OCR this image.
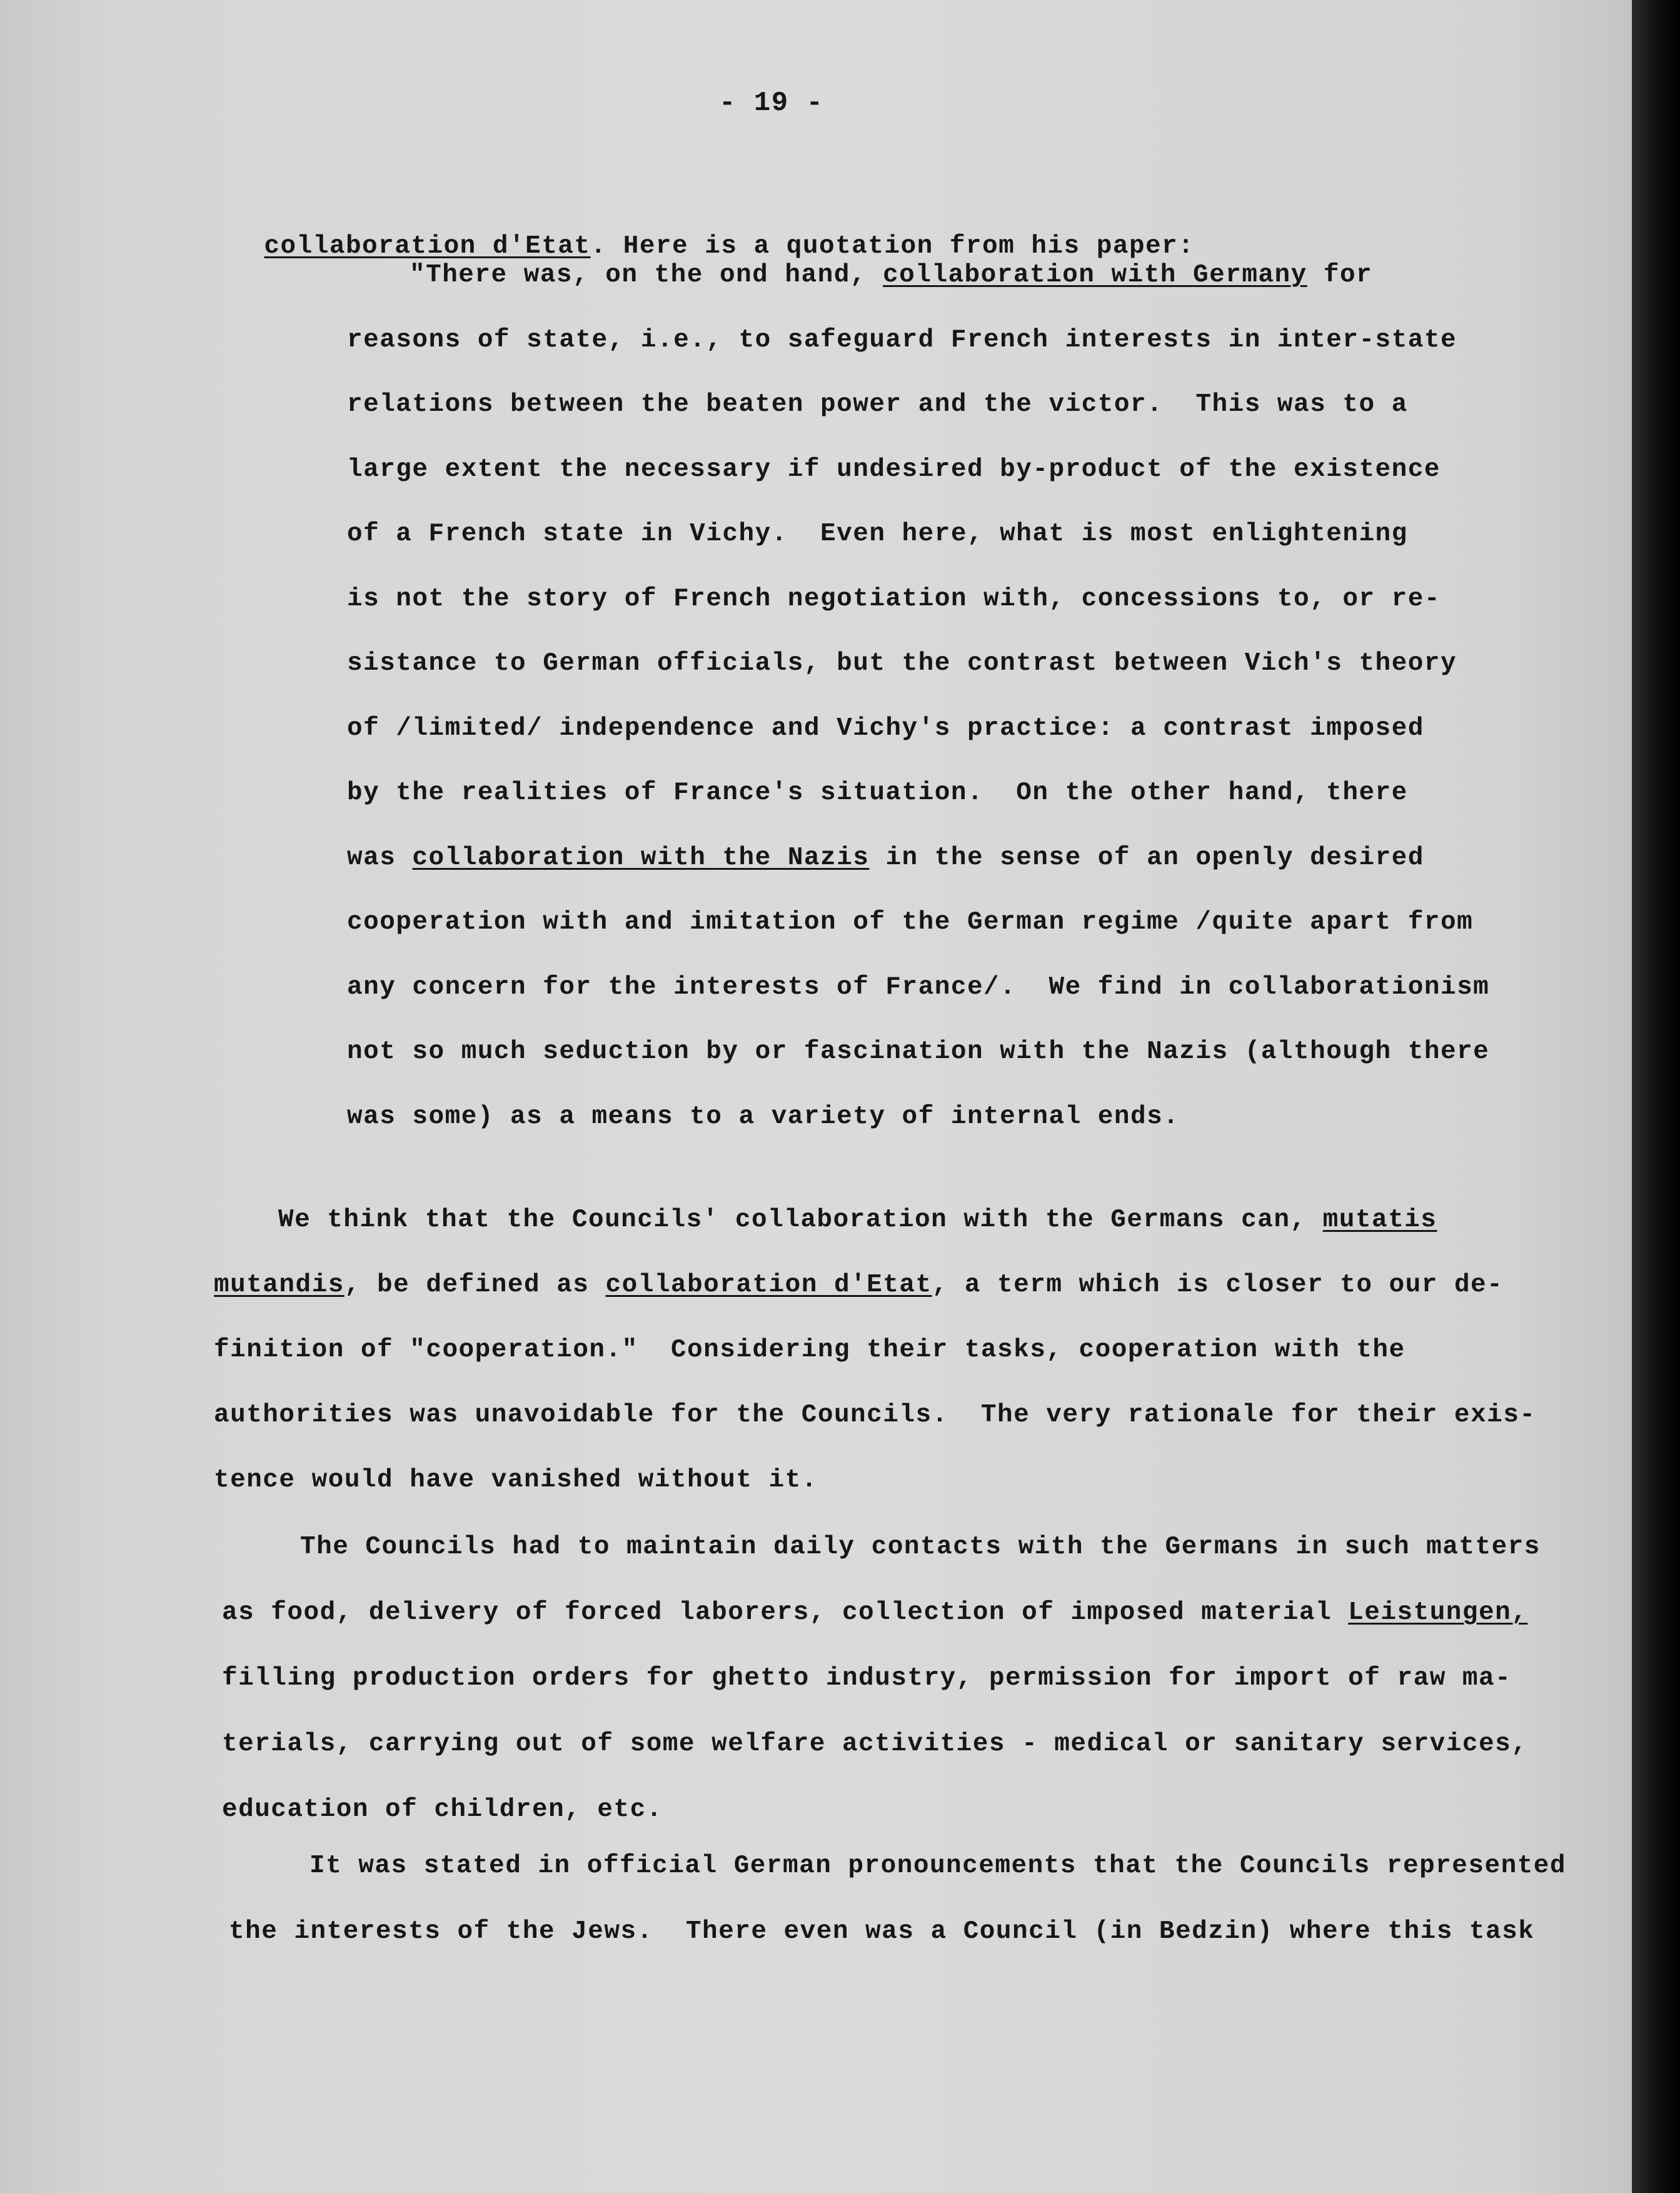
- 19 -

collaboration d'Etat. Here is a quotation from his paper:

"There was, on the ond hand, collaboration with Germany for
reasons of state, i.e., to safeguard French interests in inter-state
relations between the beaten power and the victor.  This was to a
large extent the necessary if undesired by-product of the existence
of a French state in Vichy.  Even here, what is most enlightening
is not the story of French negotiation with, concessions to, or re-
sistance to German officials, but the contrast between Vich's theory
of /limited/ independence and Vichy's practice: a contrast imposed
by the realities of France's situation.  On the other hand, there
was collaboration with the Nazis in the sense of an openly desired
cooperation with and imitation of the German regime /quite apart from
any concern for the interests of France/.  We find in collaborationism
not so much seduction by or fascination with the Nazis (although there
was some) as a means to a variety of internal ends.
We think that the Councils' collaboration with the Germans can, mutatis
mutandis, be defined as collaboration d'Etat, a term which is closer to our de-
finition of "cooperation."  Considering their tasks, cooperation with the
authorities was unavoidable for the Councils.  The very rationale for their exis-
tence would have vanished without it.
The Councils had to maintain daily contacts with the Germans in such matters
as food, delivery of forced laborers, collection of imposed material Leistungen,
filling production orders for ghetto industry, permission for import of raw ma-
terials, carrying out of some welfare activities - medical or sanitary services,
education of children, etc.
It was stated in official German pronouncements that the Councils represented
the interests of the Jews.  There even was a Council (in Bedzin) where this task
